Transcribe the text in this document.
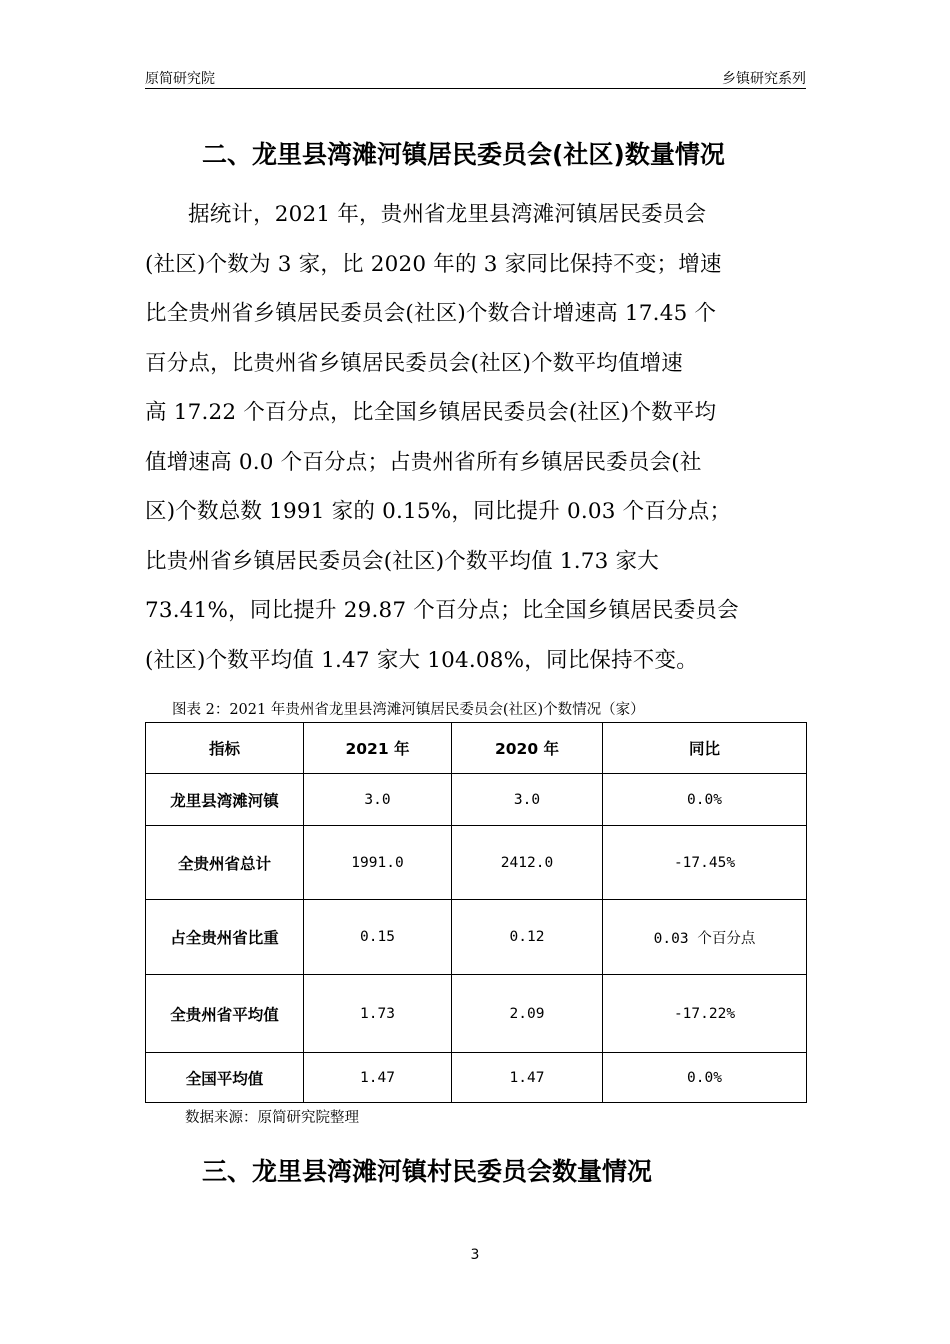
原简研究院	乡镇研究系列
二、龙里县湾滩河镇居民委员会(社区)数量情况
据统计，2021 年，贵州省龙里县湾滩河镇居民委员会
(社区)个数为 3 家，比 2020 年的 3 家同比保持不变；增速
比全贵州省乡镇居民委员会(社区)个数合计增速高 17.45 个
百分点，比贵州省乡镇居民委员会(社区)个数平均值增速
高 17.22 个百分点，比全国乡镇居民委员会(社区)个数平均
值增速高 0.0 个百分点；占贵州省所有乡镇居民委员会(社
区)个数总数 1991 家的 0.15%，同比提升 0.03 个百分点；
比贵州省乡镇居民委员会(社区)个数平均值 1.73 家大
73.41%，同比提升 29.87 个百分点；比全国乡镇居民委员会
(社区)个数平均值 1.47 家大 104.08%，同比保持不变。
图表 2：2021 年贵州省龙里县湾滩河镇居民委员会(社区)个数情况（家）
指标	2021 年	2020 年	同比
龙里县湾滩河镇	3.0	3.0	0.0%
全贵州省总计	1991.0	2412.0	-17.45%
占全贵州省比重	0.15	0.12	0.03 个百分点
全贵州省平均值	1.73	2.09	-17.22%
全国平均值	1.47	1.47	0.0%
数据来源：原简研究院整理
三、龙里县湾滩河镇村民委员会数量情况
3
